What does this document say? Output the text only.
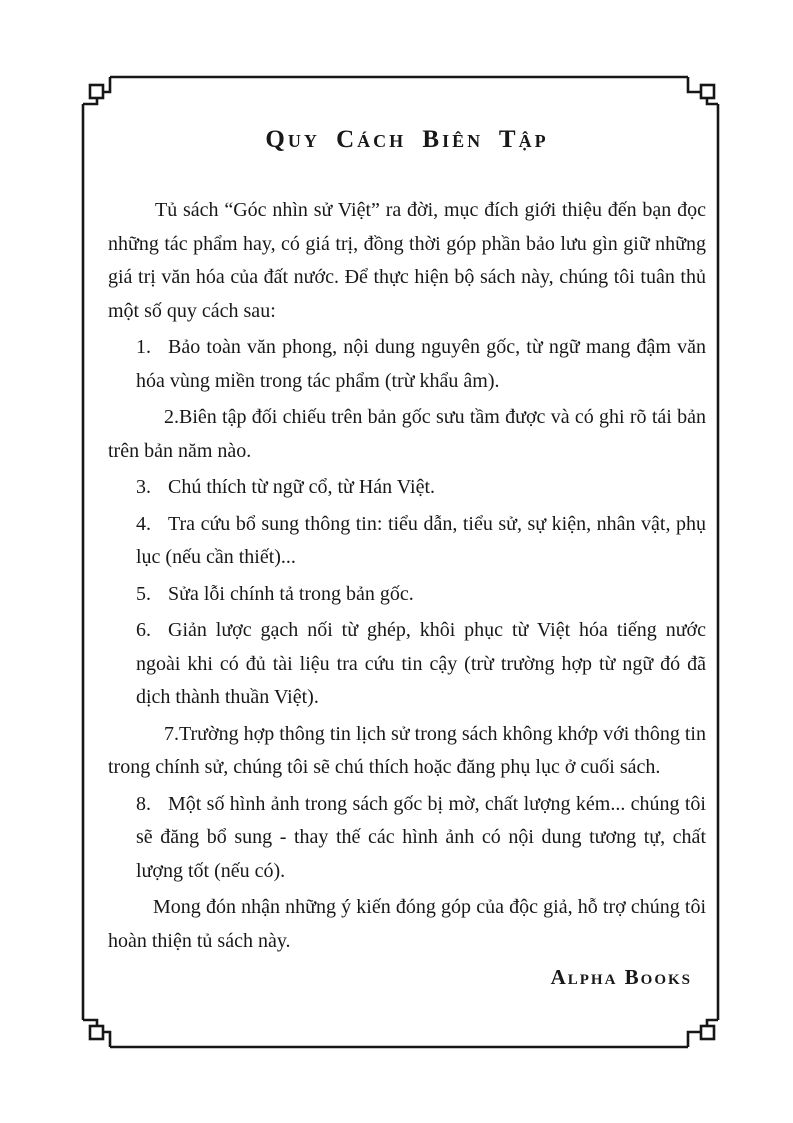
Quy Cách Biên Tập

Tủ sách “Góc nhìn sử Việt” ra đời, mục đích giới thiệu đến bạn đọc những tác phẩm hay, có giá trị, đồng thời góp phần bảo lưu gìn giữ những giá trị văn hóa của đất nước. Để thực hiện bộ sách này, chúng tôi tuân thủ một số quy cách sau:

1. Bảo toàn văn phong, nội dung nguyên gốc, từ ngữ mang đậm văn hóa vùng miền trong tác phẩm (trừ khẩu âm).

2.Biên tập đối chiếu trên bản gốc sưu tầm được và có ghi rõ tái bản trên bản năm nào.

3. Chú thích từ ngữ cổ, từ Hán Việt.

4. Tra cứu bổ sung thông tin: tiểu dẫn, tiểu sử, sự kiện, nhân vật, phụ lục (nếu cần thiết)...

5. Sửa lỗi chính tả trong bản gốc.

6. Giản lược gạch nối từ ghép, khôi phục từ Việt hóa tiếng nước ngoài khi có đủ tài liệu tra cứu tin cậy (trừ trường hợp từ ngữ đó đã dịch thành thuần Việt).

7.Trường hợp thông tin lịch sử trong sách không khớp với thông tin trong chính sử, chúng tôi sẽ chú thích hoặc đăng phụ lục ở cuối sách.

8. Một số hình ảnh trong sách gốc bị mờ, chất lượng kém... chúng tôi sẽ đăng bổ sung - thay thế các hình ảnh có nội dung tương tự, chất lượng tốt (nếu có).

Mong đón nhận những ý kiến đóng góp của độc giả, hỗ trợ chúng tôi hoàn thiện tủ sách này.

Alpha Books
